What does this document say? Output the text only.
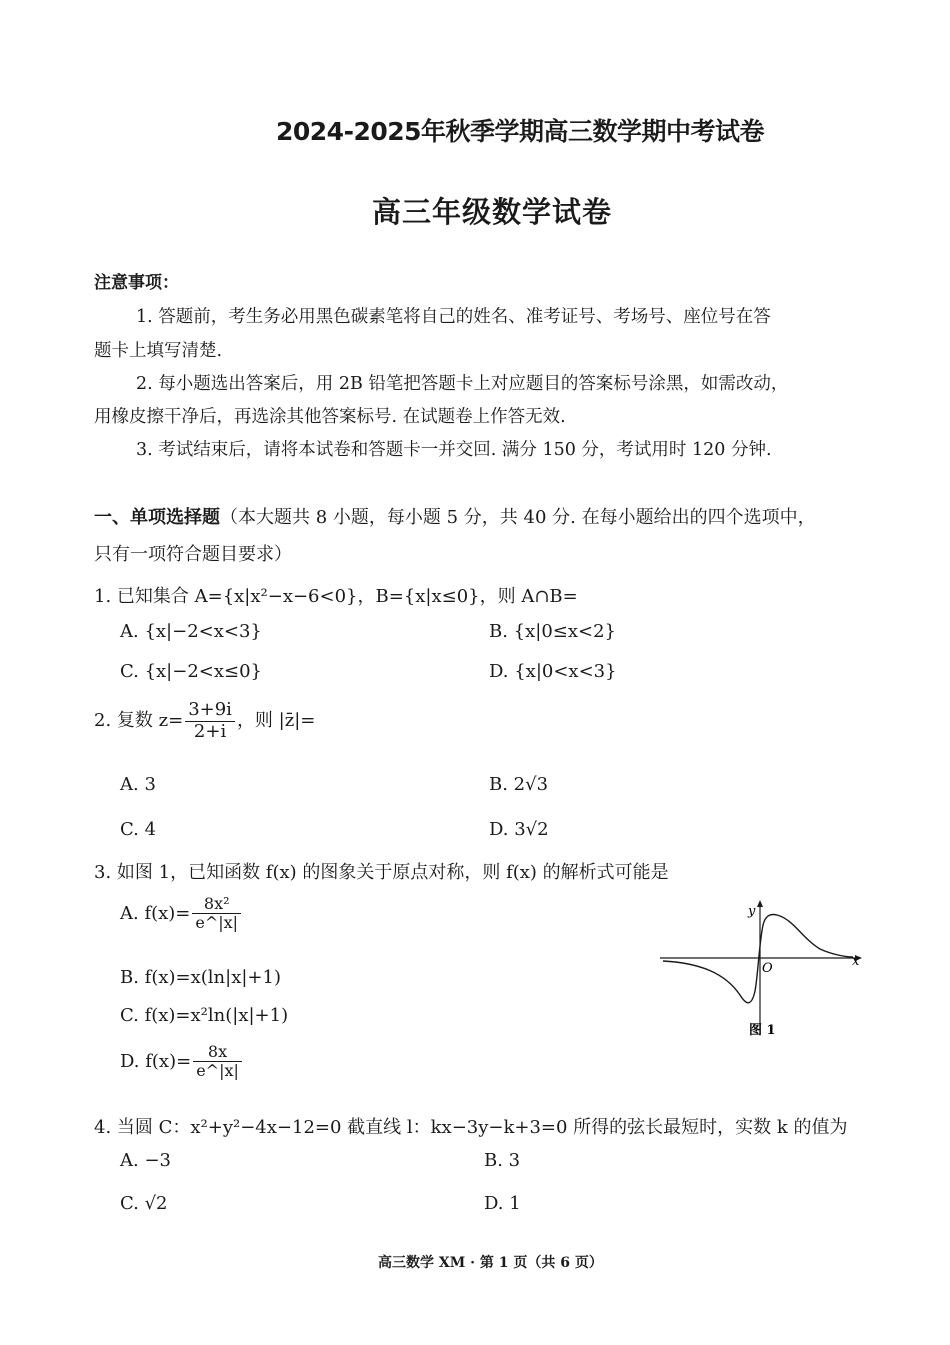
2024-2025年秋季学期高三数学期中考试卷
高三年级数学试卷
注意事项：
1. 答题前，考生务必用黑色碳素笔将自己的姓名、准考证号、考场号、座位号在答
题卡上填写清楚.
2. 每小题选出答案后，用 2B 铅笔把答题卡上对应题目的答案标号涂黑，如需改动，
用橡皮擦干净后，再选涂其他答案标号. 在试题卷上作答无效.
3. 考试结束后，请将本试卷和答题卡一并交回. 满分 150 分，考试用时 120 分钟.
一、单项选择题（本大题共 8 小题，每小题 5 分，共 40 分. 在每小题给出的四个选项中，
只有一项符合题目要求）
1. 已知集合 A={x|x²−x−6<0}，B={x|x≤0}，则 A∩B=
A. {x|−2<x<3}	B. {x|0≤x<2}
C. {x|−2<x≤0}	D. {x|0<x<3}
2. 复数 $z= \frac{3+9i}{2+i}$ ，则 |z̄|=
A. 3	B. 2√3
C. 4	D. 3√2
3. 如图 1，已知函数 f(x) 的图象关于原点对称，则 f(x) 的解析式可能是
A. $f(x)= \frac{\text{8x²}}{e\^{}|x|}$
B. f(x)=x(ln|x|+1)
C. f(x)=x²ln(|x|+1)
D. $f(x)= \frac{8x}{e\^{}|x|}$
y
x
O
图 1
4. 当圆 C：x²+y²−4x−12=0 截直线 l：kx−3y−k+3=0 所得的弦长最短时，实数 k 的值为
A. −3	B. 3
C. √2	D. 1
高三数学 XM · 第 1 页（共 6 页）
